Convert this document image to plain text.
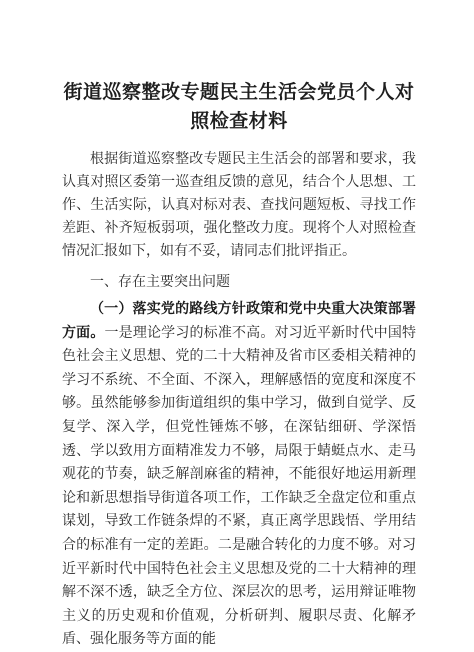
街道巡察整改专题民主生活会党员个人对照检查材料

根据街道巡察整改专题民主生活会的部署和要求，我认真对照区委第一巡查组反馈的意见，结合个人思想、工作、生活实际，认真对标对表、查找问题短板、寻找工作差距、补齐短板弱项，强化整改力度。现将个人对照检查情况汇报如下，如有不妥，请同志们批评指正。

一、存在主要突出问题

（一）落实党的路线方针政策和党中央重大决策部署方面。一是理论学习的标准不高。对习近平新时代中国特色社会主义思想、党的二十大精神及省市区委相关精神的学习不系统、不全面、不深入，理解感悟的宽度和深度不够。虽然能够参加街道组织的集中学习，做到自觉学、反复学、深入学，但党性锤炼不够，在深钻细研、学深悟透、学以致用方面精准发力不够，局限于蜻蜓点水、走马观花的节奏，缺乏解剖麻雀的精神，不能很好地运用新理论和新思想指导街道各项工作，工作缺乏全盘定位和重点谋划，导致工作链条焊的不紧，真正离学思践悟、学用结合的标准有一定的差距。二是融合转化的力度不够。对习近平新时代中国特色社会主义思想及党的二十大精神的理解不深不透，缺乏全方位、深层次的思考，运用辩证唯物主义的历史观和价值观，分析研判、履职尽责、化解矛盾、强化服务等方面的能
